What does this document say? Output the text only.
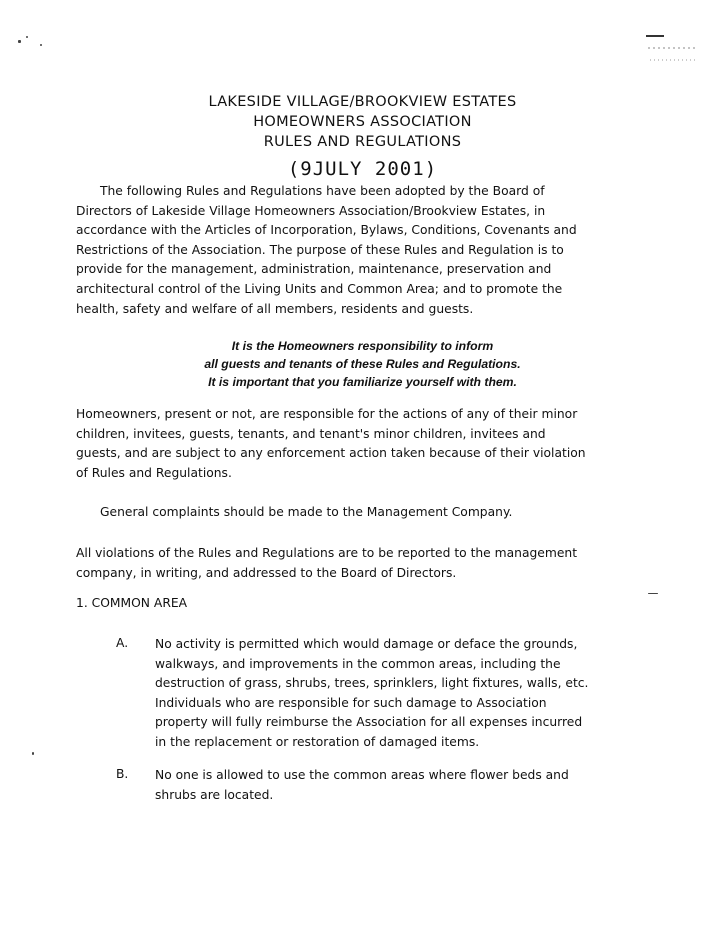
LAKESIDE VILLAGE/BROOKVIEW ESTATES
HOMEOWNERS ASSOCIATION
RULES AND REGULATIONS
(9JULY 2001)

The following Rules and Regulations have been adopted by the Board of Directors of Lakeside Village Homeowners Association/Brookview Estates, in accordance with the Articles of Incorporation, Bylaws, Conditions, Covenants and Restrictions of the Association. The purpose of these Rules and Regulation is to provide for the management, administration, maintenance, preservation and architectural control of the Living Units and Common Area; and to promote the health, safety and welfare of all members, residents and guests.

It is the Homeowners responsibility to inform
all guests and tenants of these Rules and Regulations.
It is important that you familiarize yourself with them.

Homeowners, present or not, are responsible for the actions of any of their minor children, invitees, guests, tenants, and tenant's minor children, invitees and guests, and are subject to any enforcement action taken because of their violation of Rules and Regulations.

General complaints should be made to the Management Company.

All violations of the Rules and Regulations are to be reported to the management company, in writing, and addressed to the Board of Directors.

1. COMMON AREA
A. No activity is permitted which would damage or deface the grounds, walkways, and improvements in the common areas, including the destruction of grass, shrubs, trees, sprinklers, light fixtures, walls, etc. Individuals who are responsible for such damage to Association property will fully reimburse the Association for all expenses incurred in the replacement or restoration of damaged items.

B. No one is allowed to use the common areas where flower beds and shrubs are located.
